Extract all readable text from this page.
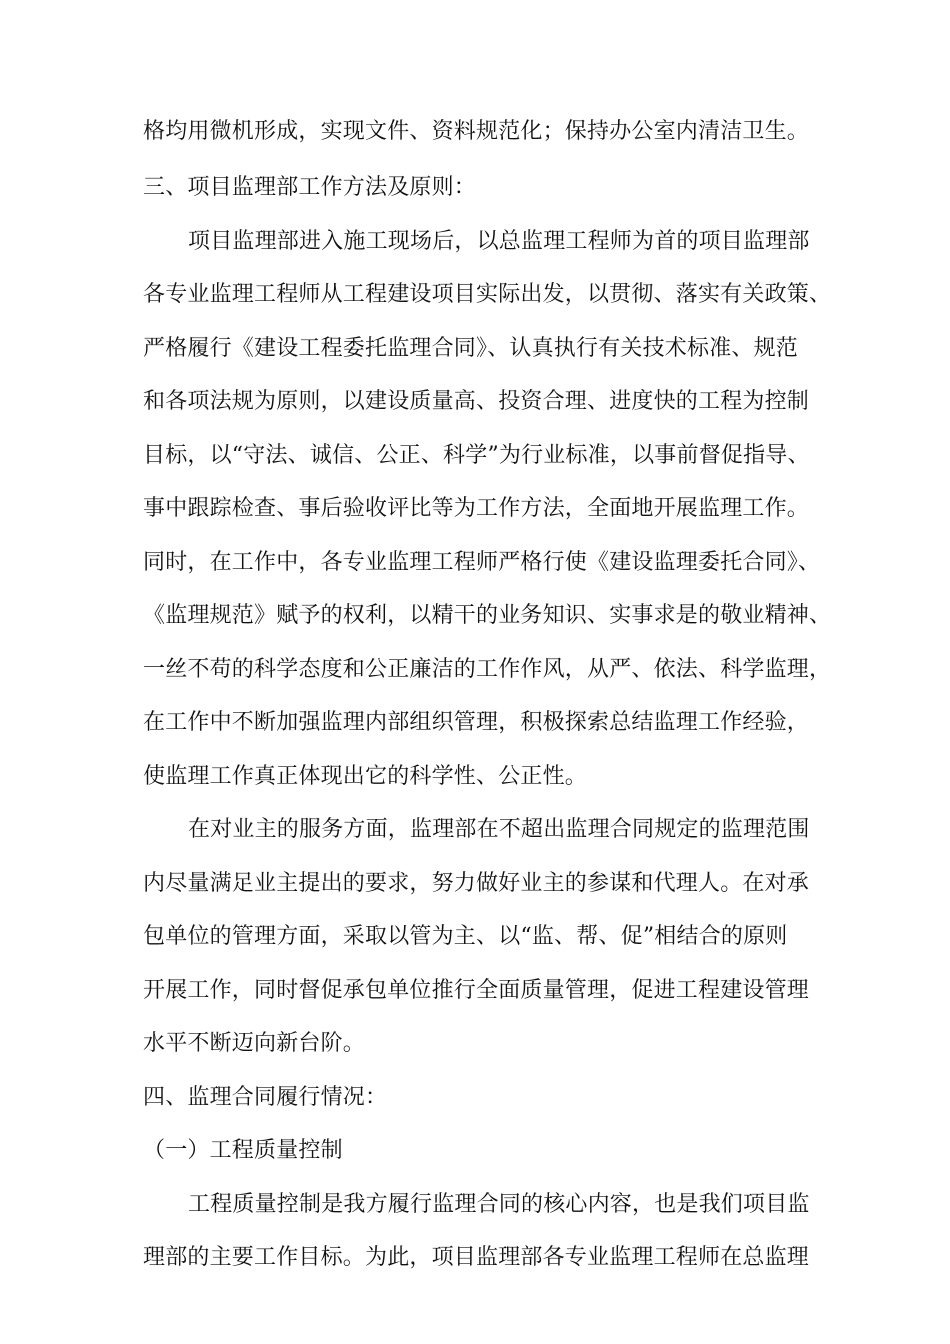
格均用微机形成，实现文件、资料规范化；保持办公室内清洁卫生。
三、项目监理部工作方法及原则：
项目监理部进入施工现场后，以总监理工程师为首的项目监理部
各专业监理工程师从工程建设项目实际出发，以贯彻、落实有关政策、
严格履行《建设工程委托监理合同》、认真执行有关技术标准、规范
和各项法规为原则，以建设质量高、投资合理、进度快的工程为控制
目标，以“守法、诚信、公正、科学”为行业标准，以事前督促指导、
事中跟踪检查、事后验收评比等为工作方法，全面地开展监理工作。
同时，在工作中，各专业监理工程师严格行使《建设监理委托合同》、
《监理规范》赋予的权利，以精干的业务知识、实事求是的敬业精神、
一丝不苟的科学态度和公正廉洁的工作作风，从严、依法、科学监理，
在工作中不断加强监理内部组织管理，积极探索总结监理工作经验，
使监理工作真正体现出它的科学性、公正性。
在对业主的服务方面，监理部在不超出监理合同规定的监理范围
内尽量满足业主提出的要求，努力做好业主的参谋和代理人。在对承
包单位的管理方面，采取以管为主、以“监、帮、促”相结合的原则
开展工作，同时督促承包单位推行全面质量管理，促进工程建设管理
水平不断迈向新台阶。
四、监理合同履行情况：
（一）工程质量控制
工程质量控制是我方履行监理合同的核心内容，也是我们项目监
理部的主要工作目标。为此，项目监理部各专业监理工程师在总监理
